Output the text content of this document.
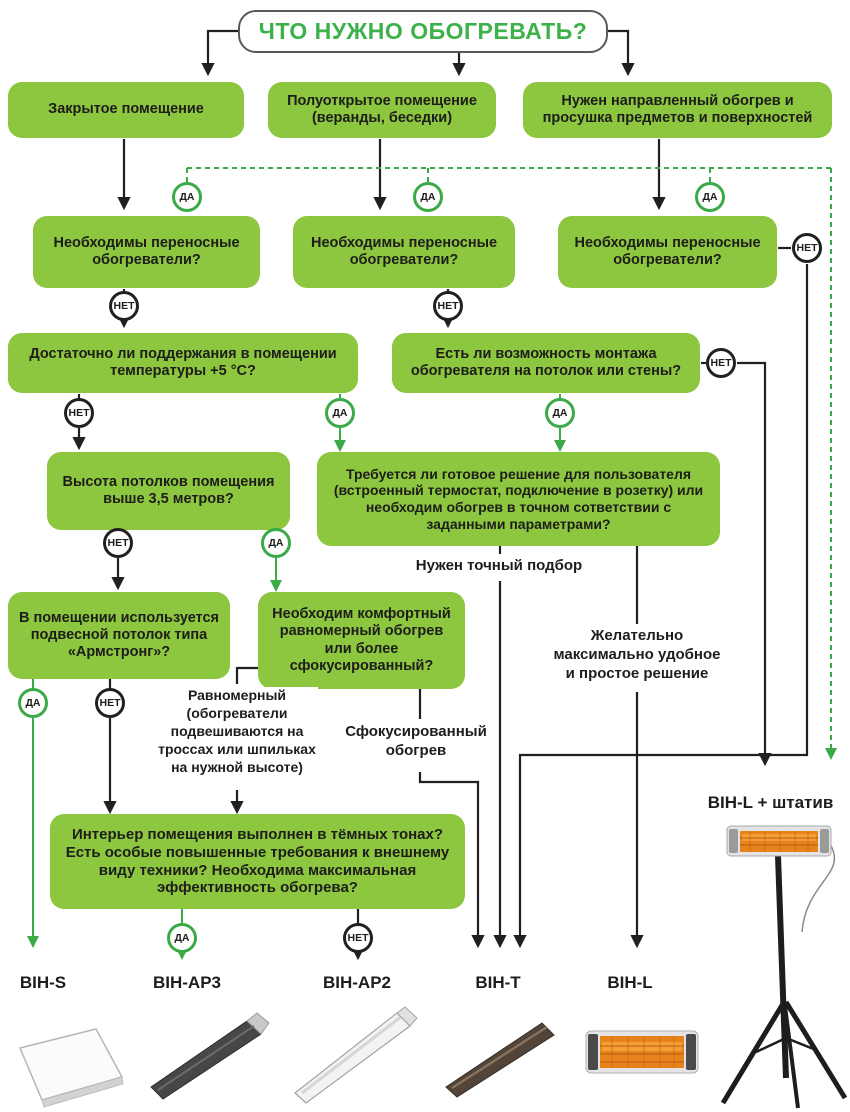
ЧТО НУЖНО ОБОГРЕВАТЬ?
Закрытое помещение
Полуоткрытое помещение (веранды, беседки)
Нужен направленный обогрев и просушка предметов и поверхностей
Необходимы переносные обогреватели?
Необходимы переносные обогреватели?
Необходимы переносные обогреватели?
Достаточно ли поддержания в помещении температуры +5 °C?
Есть ли возможность монтажа обогревателя на потолок или стены?
Высота потолков помещения выше 3,5 метров?
Требуется ли готовое решение для пользователя (встроенный термостат, подключение в розетку) или необходим обогрев в точном сответствии с заданными параметрами?
В помещении используется подвесной потолок типа «Армстронг»?
Необходим комфортный равномерный обогрев или более сфокусированный?
Интерьер помещения выполнен в тёмных тонах? Есть особые повышенные требования к внешнему виду техники? Необходима максимальная эффективность обогрева?
Нужен точный подбор
Желательно максимально удобное и простое решение
Равномерный (обогреватели подвешиваются на троссах или шпильках на нужной высоте)
Сфокусированный обогрев
ДА	ДА	ДА
НЕТ
НЕТ	НЕТ
НЕТ	ДА	ДА
НЕТ
НЕТ	ДА
ДА	НЕТ
ДА	НЕТ
BIH-S	BIH-AP3	BIH-AP2	BIH-T	BIH-L
BIH-L + штатив
